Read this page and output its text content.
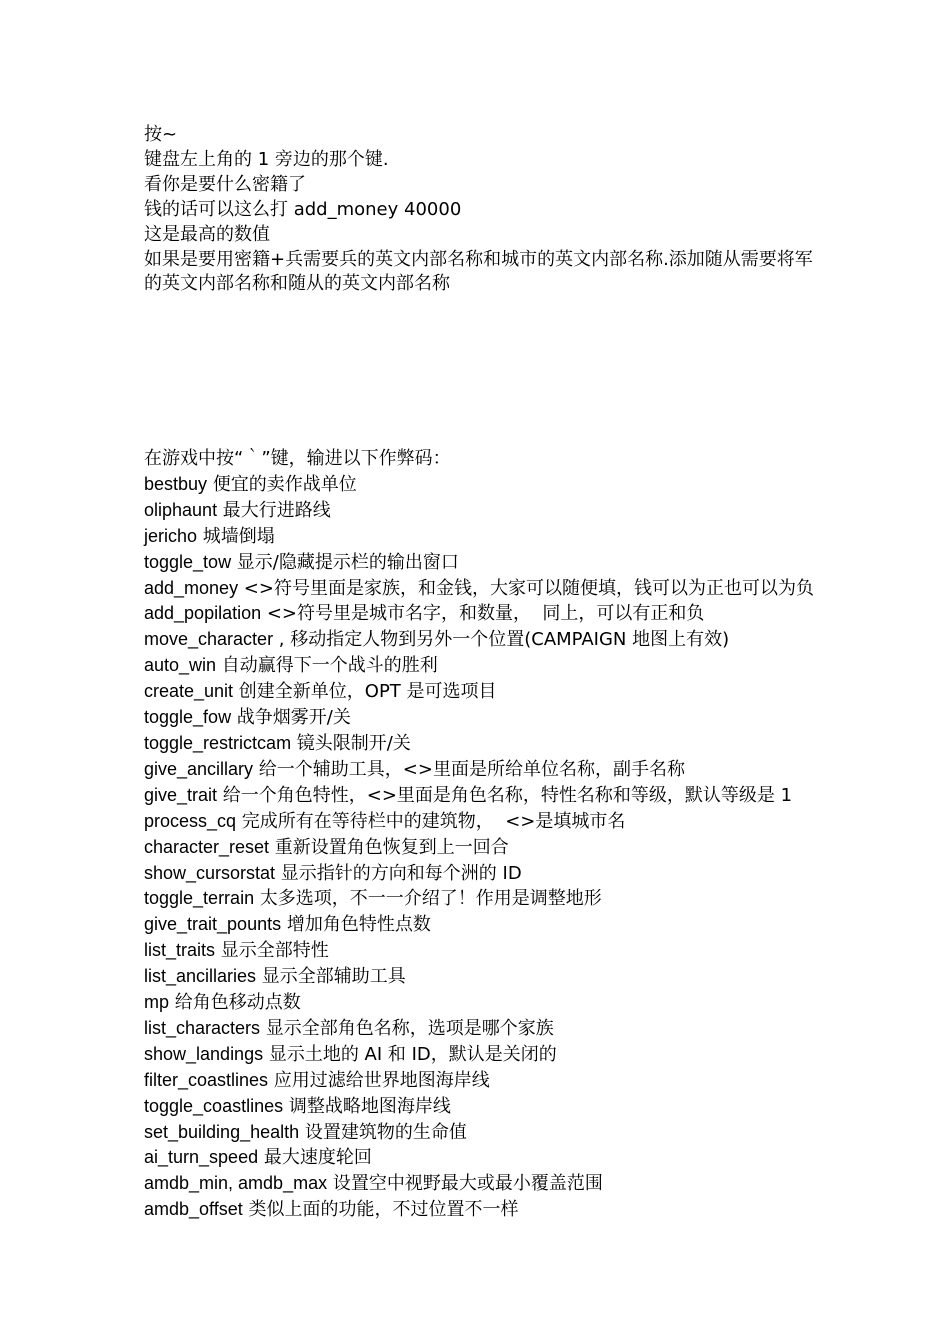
按~
键盘左上角的 1 旁边的那个键.
看你是要什么密籍了
钱的话可以这么打 add_money 40000
这是最高的数值
如果是要用密籍+兵需要兵的英文内部名称和城市的英文内部名称.添加随从需要将军的英文内部名称和随从的英文内部名称
在游戏中按“｀”键，输进以下作弊码：
bestbuy 便宜的卖作战单位
oliphaunt 最大行进路线
jericho 城墙倒塌
toggle_tow 显示/隐藏提示栏的输出窗口
add_money <>符号里面是家族，和金钱，大家可以随便填，钱可以为正也可以为负
add_popilation <>符号里是城市名字，和数量，  同上，可以有正和负
move_character , 移动指定人物到另外一个位置(CAMPAIGN 地图上有效)
auto_win 自动赢得下一个战斗的胜利
create_unit 创建全新单位，OPT 是可选项目
toggle_fow 战争烟雾开/关
toggle_restrictcam 镜头限制开/关
give_ancillary 给一个辅助工具，<>里面是所给单位名称，副手名称
give_trait 给一个角色特性，<>里面是角色名称，特性名称和等级，默认等级是 1
process_cq 完成所有在等待栏中的建筑物，  <>是填城市名
character_reset 重新设置角色恢复到上一回合
show_cursorstat 显示指针的方向和每个洲的 ID
toggle_terrain 太多选项，不一一介绍了！作用是调整地形
give_trait_pounts 增加角色特性点数
list_traits 显示全部特性
list_ancillaries 显示全部辅助工具
mp 给角色移动点数
list_characters 显示全部角色名称，选项是哪个家族
show_landings 显示土地的 AI 和 ID，默认是关闭的
filter_coastlines 应用过滤给世界地图海岸线
toggle_coastlines 调整战略地图海岸线
set_building_health 设置建筑物的生命值
ai_turn_speed 最大速度轮回
amdb_min, amdb_max 设置空中视野最大或最小覆盖范围
amdb_offset 类似上面的功能，不过位置不一样
